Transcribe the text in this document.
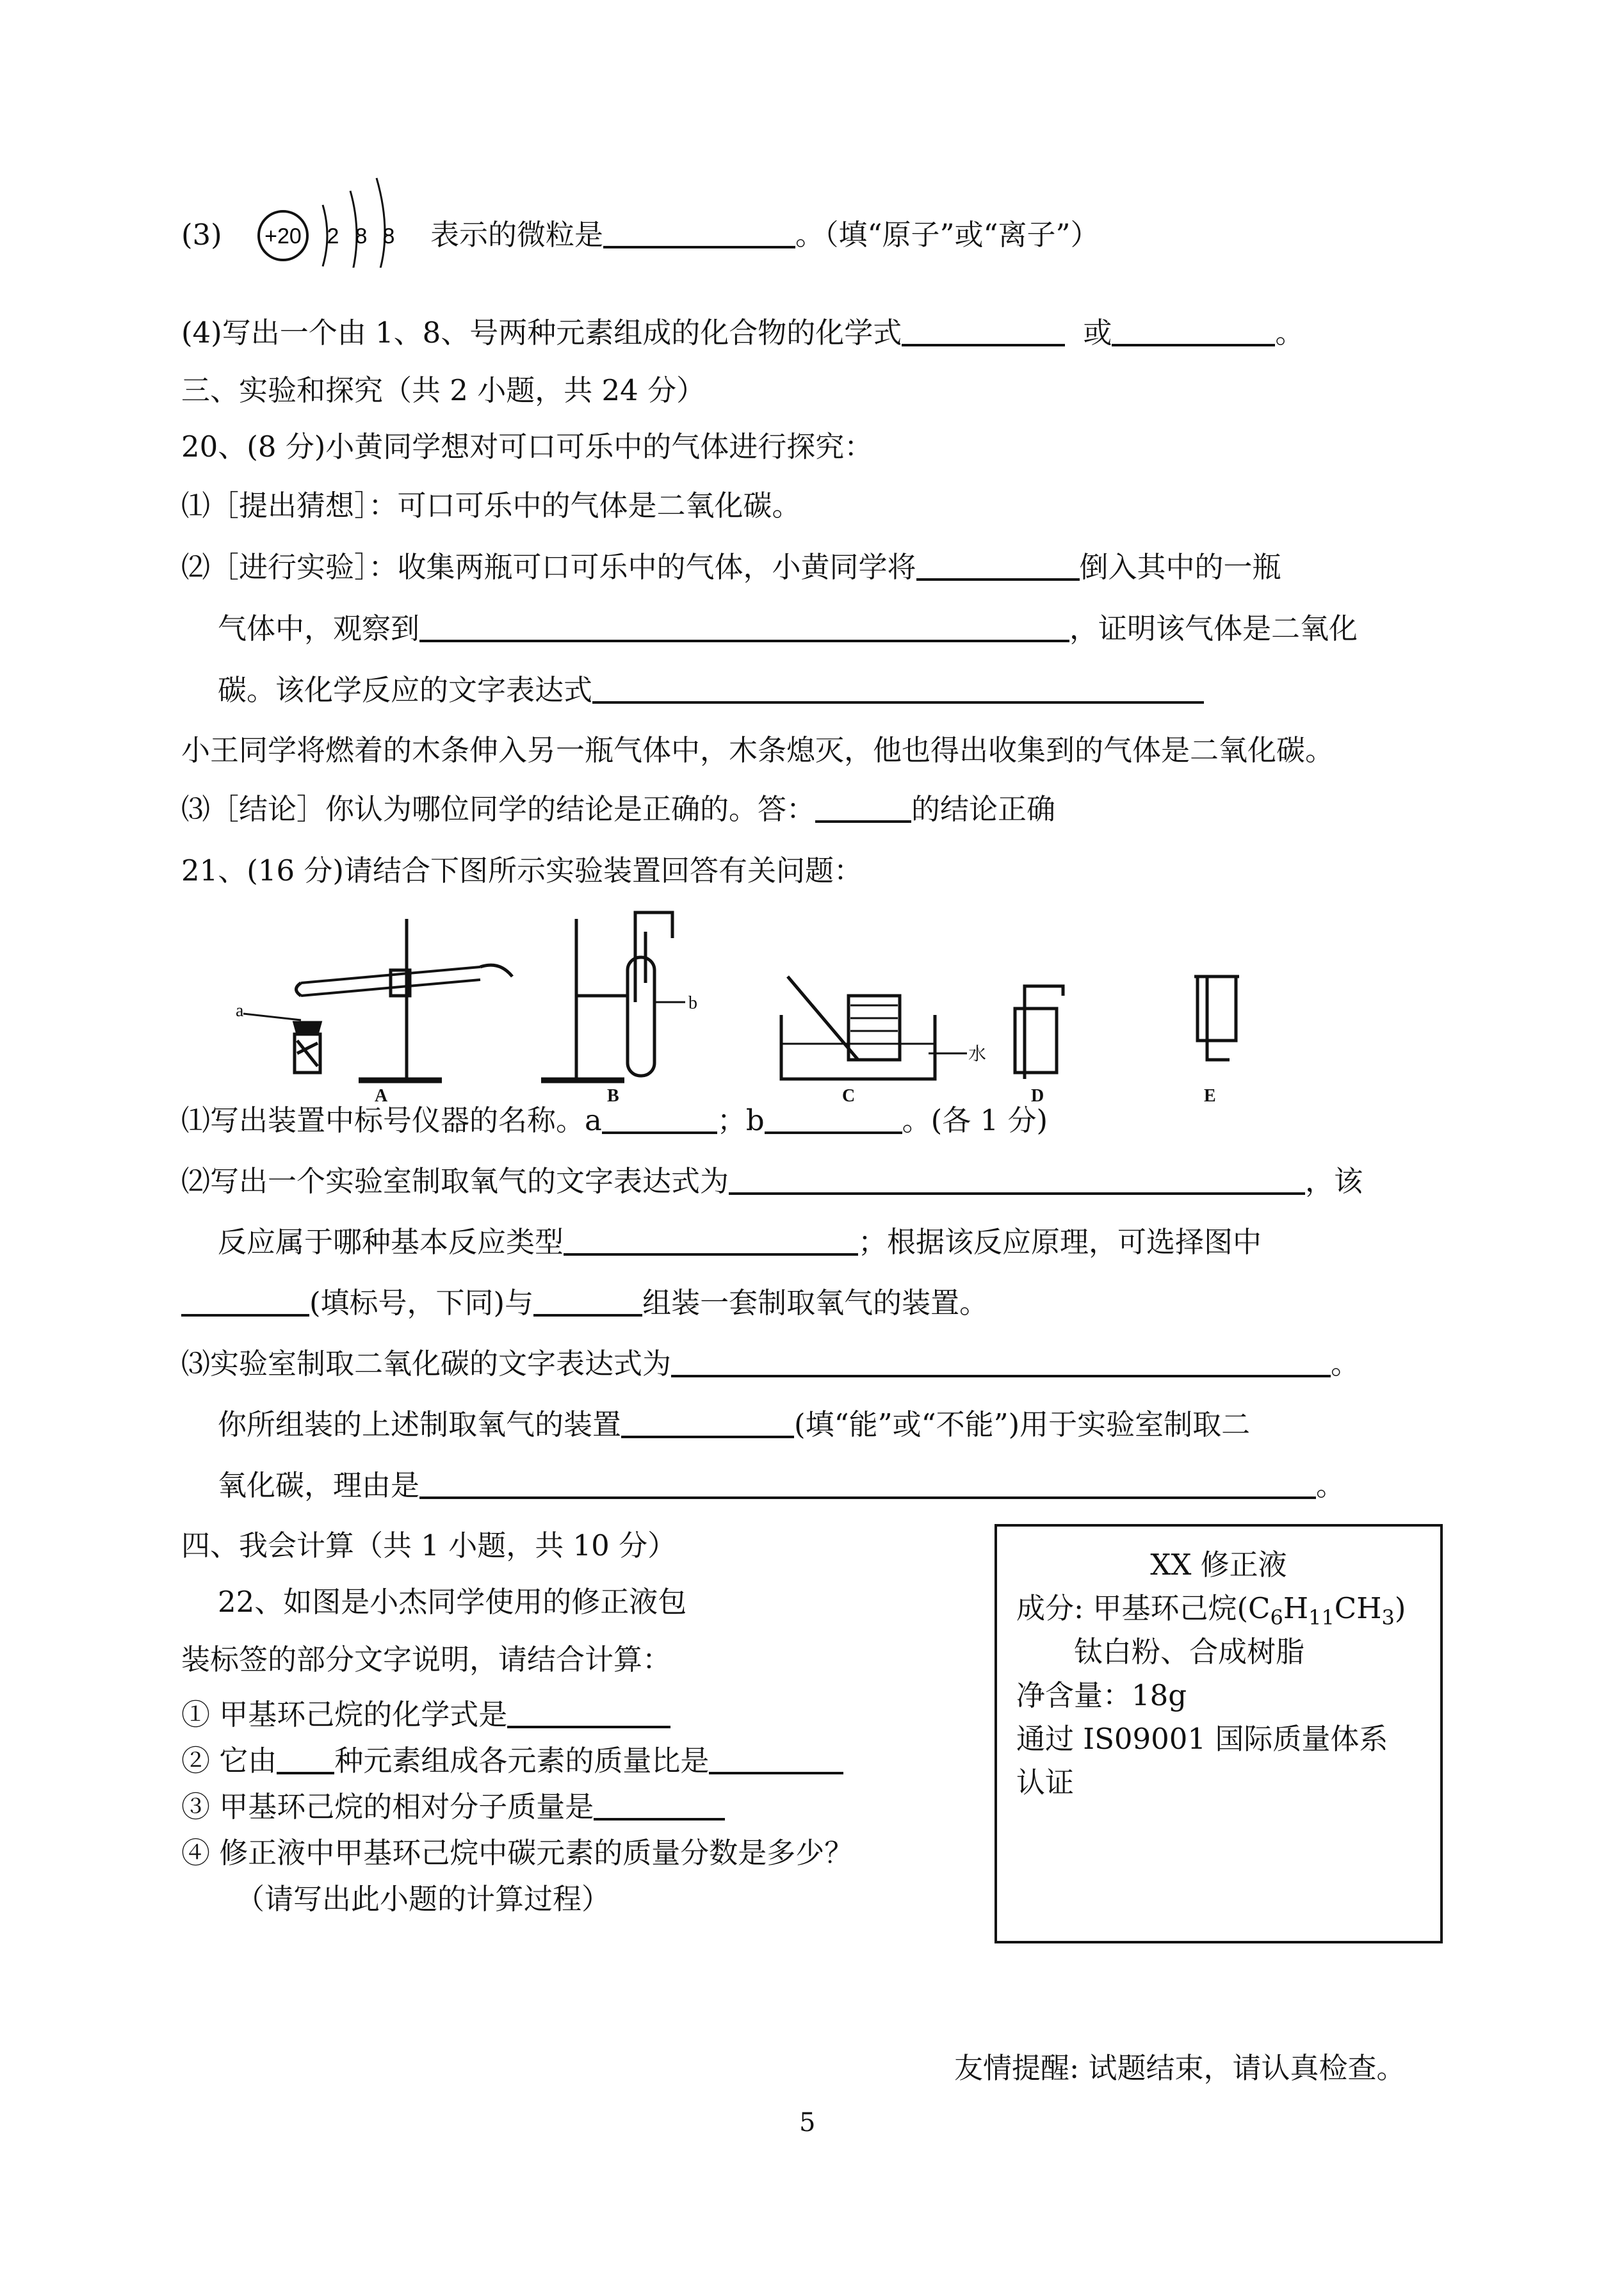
(3) +20 2 8 8 表示的微粒是	。（填“原子”或“离子”）
(4)写出一个由 1、8、号两种元素组成的化合物的化学式	或	。
三、实验和探究（共 2 小题，共 24 分）
20、(8 分)小黄同学想对可口可乐中的气体进行探究：
⑴［提出猜想］：可口可乐中的气体是二氧化碳。
⑵［进行实验］：收集两瓶可口可乐中的气体，小黄同学将	倒入其中的一瓶
气体中，观察到	，证明该气体是二氧化
碳。该化学反应的文字表达式
小王同学将燃着的木条伸入另一瓶气体中，木条熄灭，他也得出收集到的气体是二氧化碳。
⑶［结论］你认为哪位同学的结论是正确的。答：	的结论正确
21、(16 分)请结合下图所示实验装置回答有关问题：
a
A
b
B
水
C	D	E
⑴写出装置中标号仪器的名称。a	；b	。(各 1 分)
⑵写出一个实验室制取氧气的文字表达式为	，该
反应属于哪种基本反应类型	；根据该反应原理，可选择图中
(填标号，下同)与	组装一套制取氧气的装置。
⑶实验室制取二氧化碳的文字表达式为	。
你所组装的上述制取氧气的装置	(填“能”或“不能”)用于实验室制取二
氧化碳，理由是	。
四、我会计算（共 1 小题，共 10 分）
22、如图是小杰同学使用的修正液包
装标签的部分文字说明，请结合计算：
① 甲基环己烷的化学式是
② 它由 种元素组成各元素的质量比是
③ 甲基环己烷的相对分子质量是
④ 修正液中甲基环己烷中碳元素的质量分数是多少？
（请写出此小题的计算过程）
XX 修正液
成分: 甲基环己烷$(C_6H_{11}CH_3)$
钛白粉、合成树脂
净含量：18g
通过 IS09001 国际质量体系
认证
友情提醒: 试题结束，请认真检查。
5
